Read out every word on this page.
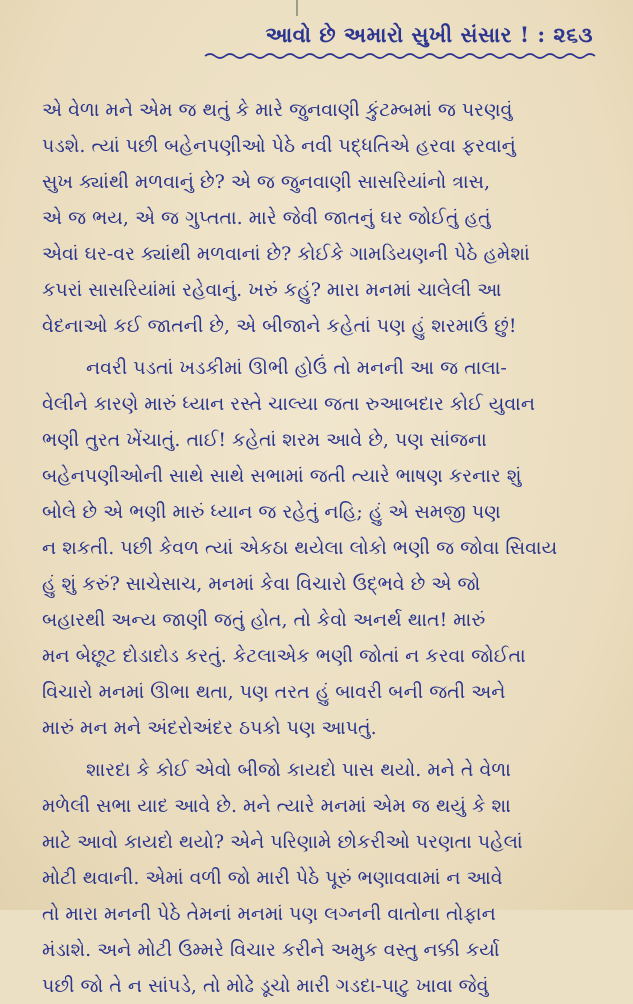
આવો છે અમારો સુખી સંસાર ! : ૨૬૩
એ વેળા મને એમ જ થતું કે મારે જુનવાણી કુંટમ્બમાં જ પરણવું
પડશે. ત્યાં પછી બહેનપણીઓ પેઠે નવી પદ્ધતિએ હરવા ફરવાનું
સુખ ક્યાંથી મળવાનું છે? એ જ જુનવાણી સાસરિયાંનો ત્રાસ,
એ જ ભય, એ જ ગુપ્તતા. મારે જેવી જાતનું ઘર જોઈતું હતું
એવાં ઘર-વર ક્યાંથી મળવાનાં છે? કોઈકે ગામડિયણની પેઠે હમેશાં
કપરાં સાસરિયાંમાં રહેવાનું. ખરું કહું? મારા મનમાં ચાલેલી આ
વેદનાઓ કઈ જાતની છે, એ બીજાને કહેતાં પણ હું શરમાઉં છું!
નવરી પડતાં ખડકીમાં ઊભી હોઉં તો મનની આ જ તાલા-
વેલીને કારણે મારું ધ્યાન રસ્તે ચાલ્યા જતા રુઆબદાર કોઈ યુવાન
ભણી તુરત ખેંચાતું. તાઈ! કહેતાં શરમ આવે છે, પણ સાંજના
બહેનપણીઓની સાથે સાથે સભામાં જતી ત્યારે ભાષણ કરનાર શું
બોલે છે એ ભણી મારું ધ્યાન જ રહેતું નહિ; હું એ સમજી પણ
ન શકતી. પછી કેવળ ત્યાં એકઠા થયેલા લોકો ભણી જ જોવા સિવાય
હું શું કરું? સાચેસાચ, મનમાં કેવા વિચારો ઉદ્ભવે છે એ જો
બહારથી અન્ય જાણી જતું હોત, તો કેવો અનર્થ થાત! મારું
મન બેછૂટ દોડાદોડ કરતું. કેટલાએક ભણી જોતાં ન કરવા જોઈતા
વિચારો મનમાં ઊભા થતા, પણ તરત હું બાવરી બની જતી અને
મારું મન મને અંદરોઅંદર ઠપકો પણ આપતું.
શારદા કે કોઈ એવો બીજો કાયદો પાસ થયો. મને તે વેળા
મળેલી સભા યાદ આવે છે. મને ત્યારે મનમાં એમ જ થયું કે શા
માટે આવો કાયદો થયો? એને પરિણામે છોકરીઓ પરણતા પહેલાં
મોટી થવાની. એમાં વળી જો મારી પેઠે પૂરું ભણાવવામાં ન આવે
તો મારા મનની પેઠે તેમનાં મનમાં પણ લગ્નની વાતોના તોફાન
મંડાશે. અને મોટી ઉમ્મરે વિચાર કરીને અમુક વસ્તુ નક્કી કર્યા
પછી જો તે ન સાંપડે, તો મોઢે ડૂચો મારી ગડદા-પાટુ ખાવા જેવું
